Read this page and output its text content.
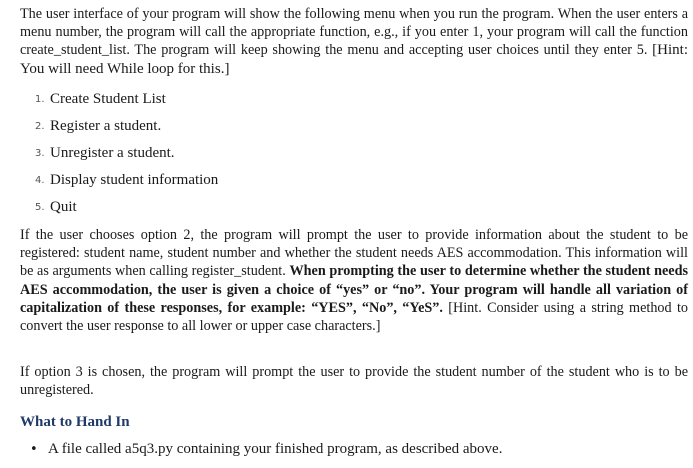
The user interface of your program will show the following menu when you run the program. When the user enters a menu number, the program will call the appropriate function, e.g., if you enter 1, your program will call the function create_student_list. The program will keep showing the menu and accepting user choices until they enter 5. [Hint: You will need While loop for this.]

1. Create Student List
2. Register a student.
3. Unregister a student.
4. Display student information
5. Quit

If the user chooses option 2, the program will prompt the user to provide information about the student to be registered: student name, student number and whether the student needs AES accommodation. This information will be as arguments when calling register_student. When prompting the user to determine whether the student needs AES accommodation, the user is given a choice of “yes” or “no”. Your program will handle all variation of capitalization of these responses, for example: “YES”, “No”, “YeS”. [Hint. Consider using a string method to convert the user response to all lower or upper case characters.]

If option 3 is chosen, the program will prompt the user to provide the student number of the student who is to be unregistered.

What to Hand In
• A file called a5q3.py containing your finished program, as described above.
